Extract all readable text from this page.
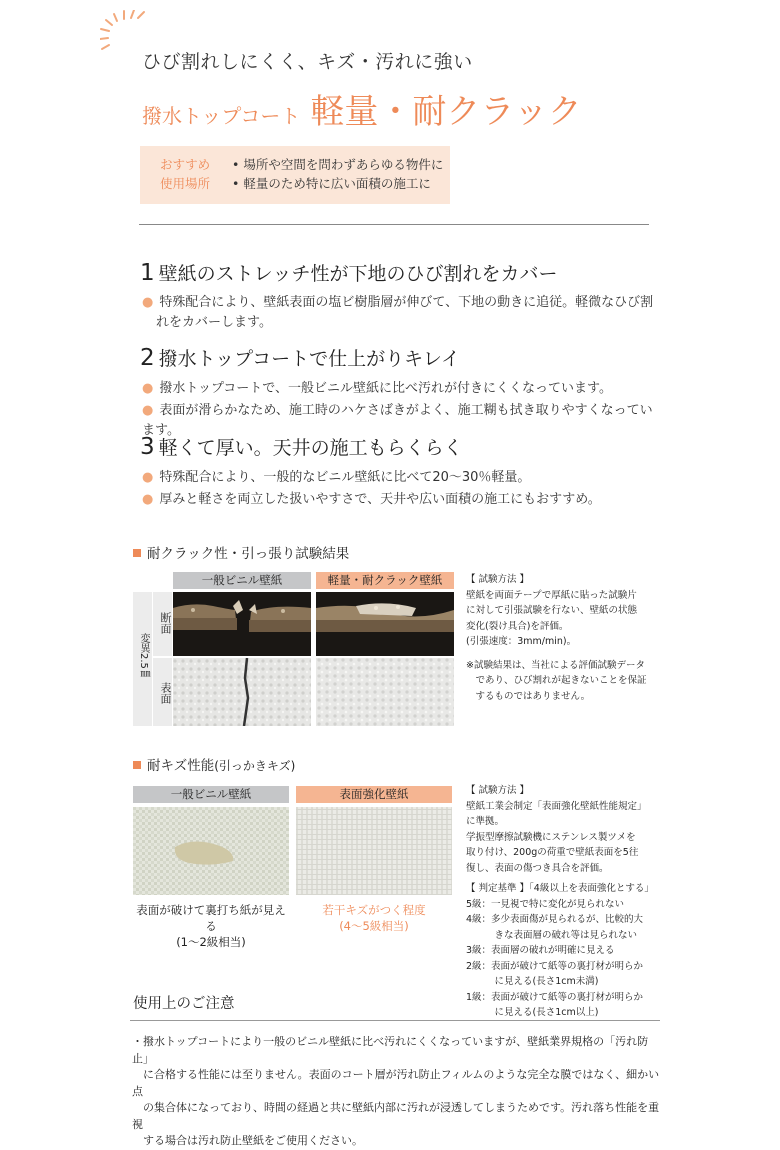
ひび割れしにくく、キズ・汚れに強い
撥水トップコート 軽量・耐クラック
おすすめ
使用場所
• 場所や空間を問わずあらゆる物件に
• 軽量のため特に広い面積の施工に
1 壁紙のストレッチ性が下地のひび割れをカバー
● 特殊配合により、壁紙表面の塩ビ樹脂層が伸びて、下地の動きに追従。軽微なひび割
れをカバーします。
2 撥水トップコートで仕上がりキレイ
● 撥水トップコートで、一般ビニル壁紙に比べ汚れが付きにくくなっています。
● 表面が滑らかなため、施工時のハケさばきがよく、施工糊も拭き取りやすくなっています。
3 軽くて厚い。天井の施工もらくらく
● 特殊配合により、一般的なビニル壁紙に比べて20～30％軽量。
● 厚みと軽さを両立した扱いやすさで、天井や広い面積の施工にもおすすめ。
耐クラック性・引っ張り試験結果
一般ビニル壁紙	軽量・耐クラック壁紙
変異2.5㎜
断面
表面
【 試験方法 】
壁紙を両面テープで厚紙に貼った試験片
に対して引張試験を行ない、壁紙の状態
変化(裂け具合)を評価。
(引張速度：3mm/min)。
※試験結果は、当社による評価試験データ
　であり、ひび割れが起きないことを保証
　するものではありません。
耐キズ性能(引っかきキズ)
一般ビニル壁紙	表面強化壁紙
表面が破けて裏打ち紙が見える
(1～2級相当)
若干キズがつく程度
(4～5級相当)
【 試験方法 】
壁紙工業会制定「表面強化壁紙性能規定」
に準拠。
学振型摩擦試験機にステンレス製ツメを
取り付け、200gの荷重で壁紙表面を5往
復し、表面の傷つき具合を評価。
【 判定基準 】「4級以上を表面強化とする」
5級：一見視で特に変化が見られない
4級：多少表面傷が見られるが、比較的大
　　　きな表面層の破れ等は見られない
3級：表面層の破れが明確に見える
2級：表面が破けて紙等の裏打材が明らか
　　　に見える(長さ1cm未満)
1級：表面が破けて紙等の裏打材が明らか
　　　に見える(長さ1cm以上)
使用上のご注意
・撥水トップコートにより一般のビニル壁紙に比べ汚れにくくなっていますが、壁紙業界規格の「汚れ防止」
　に合格する性能には至りません。表面のコート層が汚れ防止フィルムのような完全な膜ではなく、細かい点
　の集合体になっており、時間の経過と共に壁紙内部に汚れが浸透してしまうためです。汚れ落ち性能を重視
　する場合は汚れ防止壁紙をご使用ください。
